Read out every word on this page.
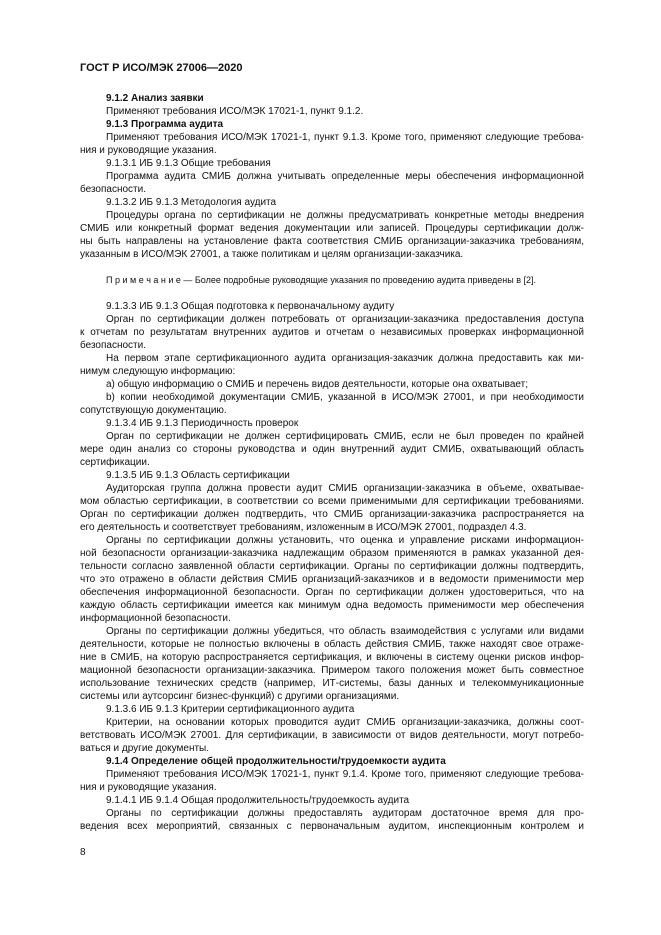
ГОСТ Р ИСО/МЭК 27006—2020
9.1.2 Анализ заявки
Применяют требования ИСО/МЭК 17021-1, пункт 9.1.2.
9.1.3 Программа аудита
Применяют требования ИСО/МЭК 17021-1, пункт 9.1.3. Кроме того, применяют следующие требова-
ния и руководящие указания.
9.1.3.1 ИБ 9.1.3 Общие требования
Программа аудита СМИБ должна учитывать определенные меры обеспечения информационной
безопасности.
9.1.3.2 ИБ 9.1.3 Методология аудита
Процедуры органа по сертификации не должны предусматривать конкретные методы внедрения
СМИБ или конкретный формат ведения документации или записей. Процедуры сертификации долж-
ны быть направлены на установление факта соответствия СМИБ организации-заказчика требованиям,
указанным в ИСО/МЭК 27001, а также политикам и целям организации-заказчика.
П р и м е ч а н и е — Более подробные руководящие указания по проведению аудита приведены в [2].
9.1.3.3 ИБ 9.1.3 Общая подготовка к первоначальному аудиту
Орган по сертификации должен потребовать от организации-заказчика предоставления доступа
к отчетам по результатам внутренних аудитов и отчетам о независимых проверках информационной
безопасности.
На первом этапе сертификационного аудита организация-заказчик должна предоставить как ми-
нимум следующую информацию:
a) общую информацию о СМИБ и перечень видов деятельности, которые она охватывает;
b) копии необходимой документации СМИБ, указанной в ИСО/МЭК 27001, и при необходимости
сопутствующую документацию.
9.1.3.4 ИБ 9.1.3 Периодичность проверок
Орган по сертификации не должен сертифицировать СМИБ, если не был проведен по крайней
мере один анализ со стороны руководства и один внутренний аудит СМИБ, охватывающий область
сертификации.
9.1.3.5 ИБ 9.1.3 Область сертификации
Аудиторская группа должна провести аудит СМИБ организации-заказчика в объеме, охватывае-
мом областью сертификации, в соответствии со всеми применимыми для сертификации требованиями.
Орган по сертификации должен подтвердить, что СМИБ организации-заказчика распространяется на
его деятельность и соответствует требованиям, изложенным в ИСО/МЭК 27001, подраздел 4.3.
Органы по сертификации должны установить, что оценка и управление рисками информацион-
ной безопасности организации-заказчика надлежащим образом применяются в рамках указанной дея-
тельности согласно заявленной области сертификации. Органы по сертификации должны подтвердить,
что это отражено в области действия СМИБ организаций-заказчиков и в ведомости применимости мер
обеспечения информационной безопасности. Орган по сертификации должен удостовериться, что на
каждую область сертификации имеется как минимум одна ведомость применимости мер обеспечения
информационной безопасности.
Органы по сертификации должны убедиться, что область взаимодействия с услугами или видами
деятельности, которые не полностью включены в область действия СМИБ, также находят свое отраже-
ние в СМИБ, на которую распространяется сертификация, и включены в систему оценки рисков инфор-
мационной безопасности организации-заказчика. Примером такого положения может быть совместное
использование технических средств (например, ИТ-системы, базы данных и телекоммуникационные
системы или аутсорсинг бизнес-функций) с другими организациями.
9.1.3.6 ИБ 9.1.3 Критерии сертификационного аудита
Критерии, на основании которых проводится аудит СМИБ организации-заказчика, должны соот-
ветствовать ИСО/МЭК 27001. Для сертификации, в зависимости от видов деятельности, могут потребо-
ваться и другие документы.
9.1.4 Определение общей продолжительности/трудоемкости аудита
Применяют требования ИСО/МЭК 17021-1, пункт 9.1.4. Кроме того, применяют следующие требова-
ния и руководящие указания.
9.1.4.1 ИБ 9.1.4 Общая продолжительность/трудоемкость аудита
Органы по сертификации должны предоставлять аудиторам достаточное время для про-
ведения всех мероприятий, связанных с первоначальным аудитом, инспекционным контролем и
8
